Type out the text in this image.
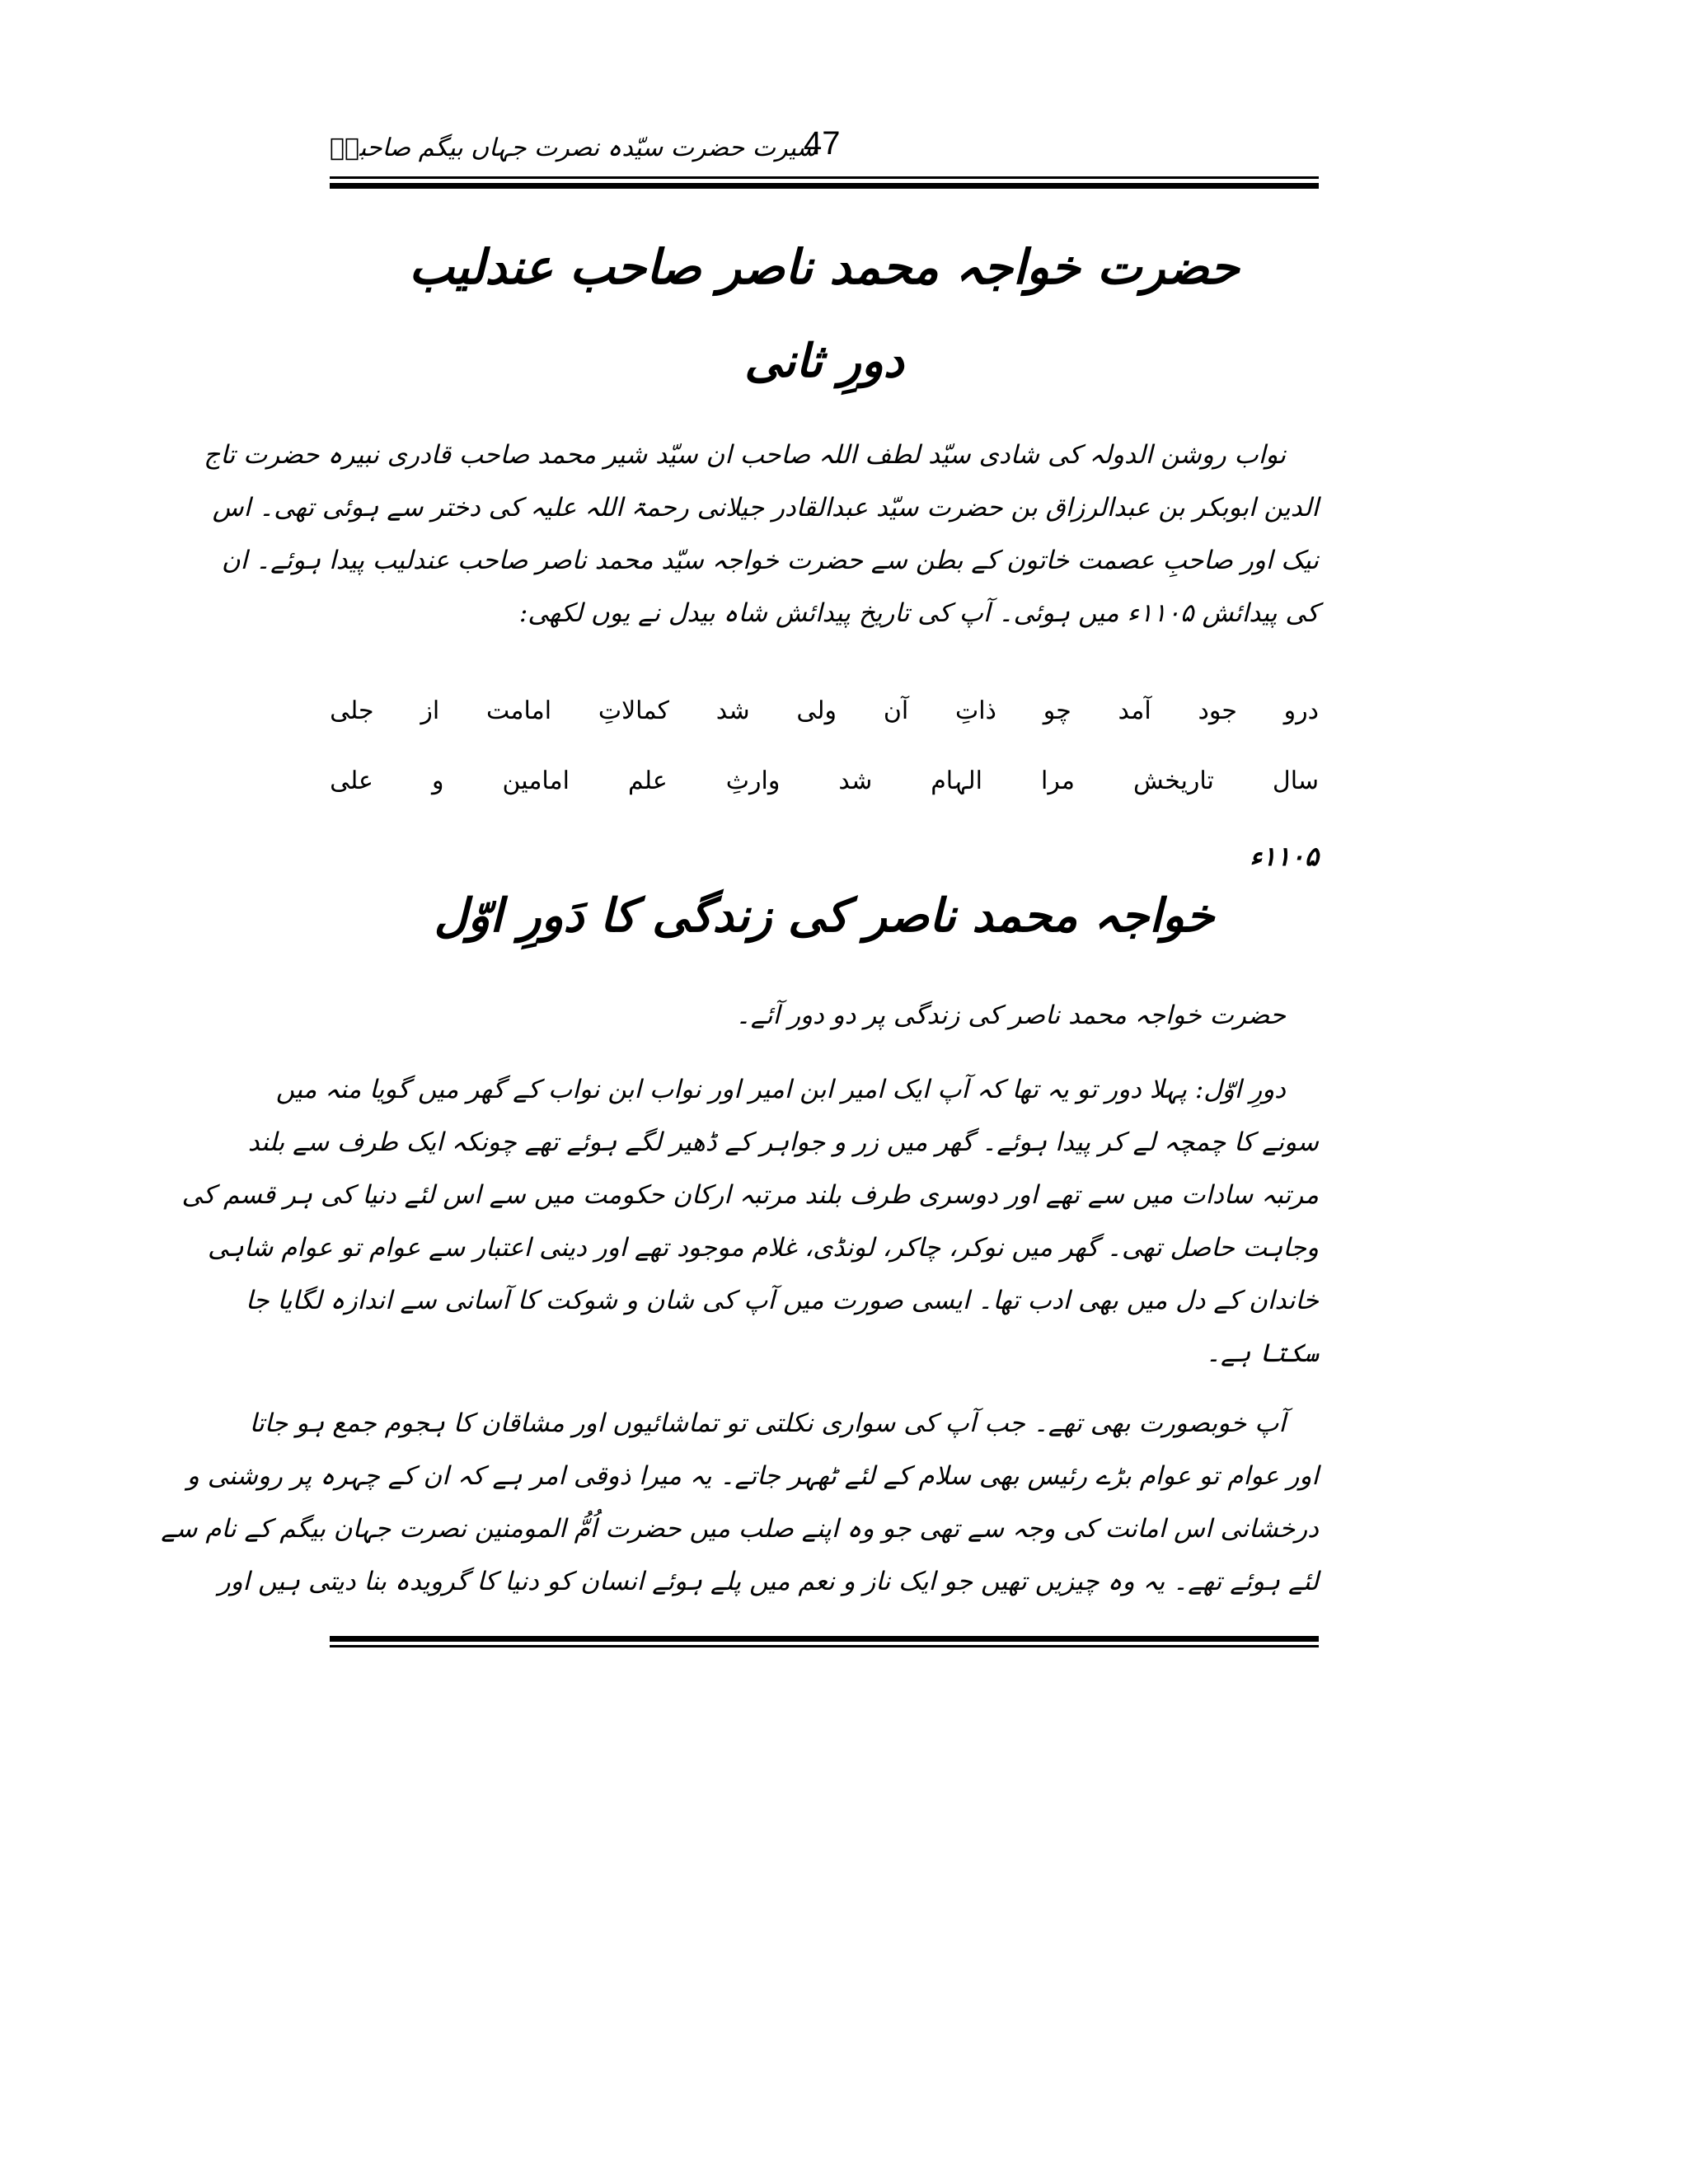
سیرت حضرت سیّدہ نصرت جہاں بیگم صاحبہؓ
47
حضرت خواجہ محمد ناصر صاحب عندلیب
دورِ ثانی
نواب روشن الدولہ کی شادی سیّد لطف اللہ صاحب ان سیّد شیر محمد صاحب قادری نبیرہ حضرت تاج
الدین ابوبکر بن عبدالرزاق بن حضرت سیّد عبدالقادر جیلانی رحمۃ اللہ علیہ کی دختر سے ہوئی تھی۔ اس
نیک اور صاحبِ عصمت خاتون کے بطن سے حضرت خواجہ سیّد محمد ناصر صاحب عندلیب پیدا ہوئے۔ ان
کی پیدائش ۱۱۰۵ء میں ہوئی۔ آپ کی تاریخ پیدائش شاہ بیدل نے یوں لکھی:
درو
جود
آمد
چو
ذاتِ
آن
ولی
شد
کمالاتِ
امامت
از
جلی
سال
تاریخش
مرا
الہام
شد
وارثِ
علم
امامین
و
علی
۱۱۰۵ء
خواجہ محمد ناصر کی زندگی کا دَورِ اوّل
حضرت خواجہ محمد ناصر کی زندگی پر دو دور آئے۔
دورِ اوّل: پہلا دور تو یہ تھا کہ آپ ایک امیر ابن امیر اور نواب ابن نواب کے گھر میں گویا منہ میں
سونے کا چمچہ لے کر پیدا ہوئے۔ گھر میں زر و جواہر کے ڈھیر لگے ہوئے تھے چونکہ ایک طرف سے بلند
مرتبہ سادات میں سے تھے اور دوسری طرف بلند مرتبہ ارکان حکومت میں سے اس لئے دنیا کی ہر قسم کی
وجاہت حاصل تھی۔ گھر میں نوکر، چاکر، لونڈی، غلام موجود تھے اور دینی اعتبار سے عوام تو عوام شاہی
خاندان کے دل میں بھی ادب تھا۔ ایسی صورت میں آپ کی شان و شوکت کا آسانی سے اندازہ لگایا جا
سکتا ہے۔
آپ خوبصورت بھی تھے۔ جب آپ کی سواری نکلتی تو تماشائیوں اور مشاقان کا ہجوم جمع ہو جاتا
اور عوام تو عوام بڑے رئیس بھی سلام کے لئے ٹھہر جاتے۔ یہ میرا ذوقی امر ہے کہ ان کے چہرہ پر روشنی و
درخشانی اس امانت کی وجہ سے تھی جو وہ اپنے صلب میں حضرت اُمُّ المومنین نصرت جہان بیگم کے نام سے
لئے ہوئے تھے۔ یہ وہ چیزیں تھیں جو ایک ناز و نعم میں پلے ہوئے انسان کو دنیا کا گرویدہ بنا دیتی ہیں اور
